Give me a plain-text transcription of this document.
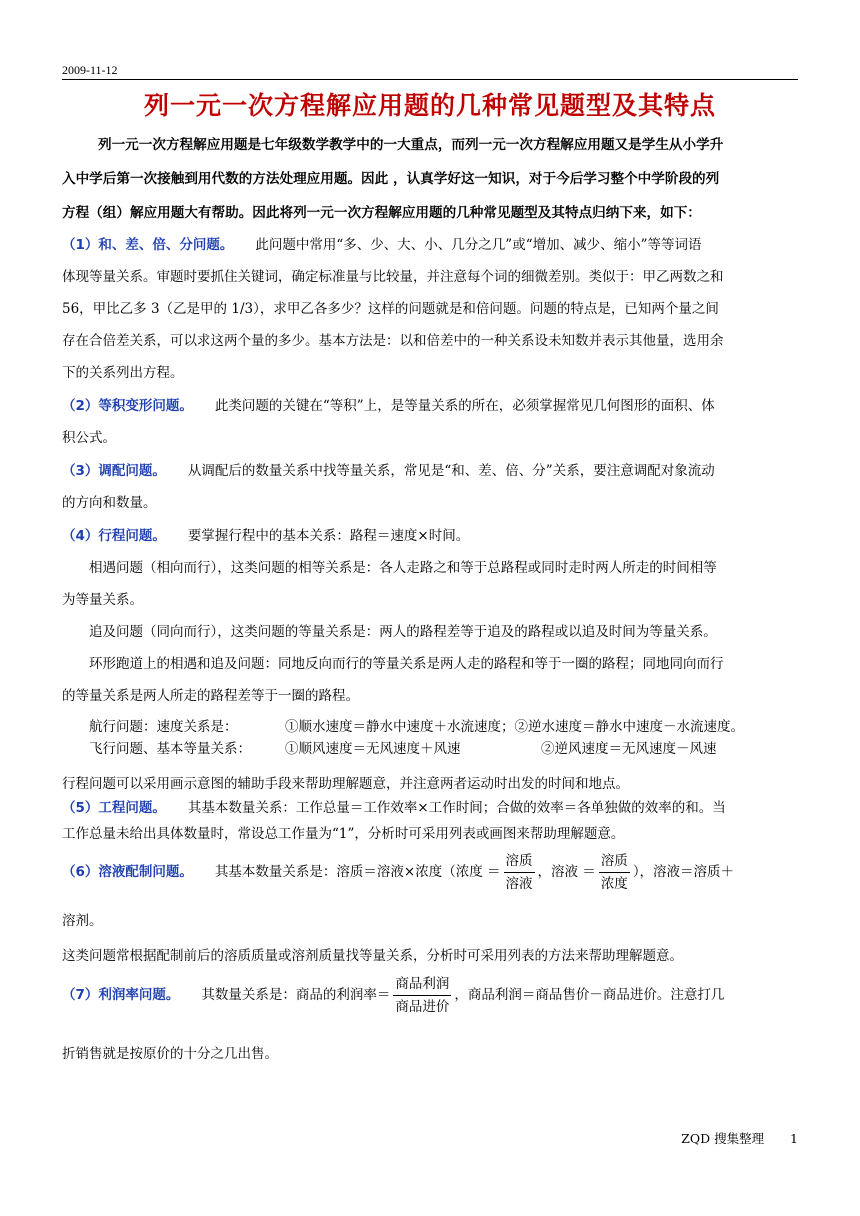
2009-11-12
列一元一次方程解应用题的几种常见题型及其特点
列一元一次方程解应用题是七年级数学教学中的一大重点，而列一元一次方程解应用题又是学生从小学升
入中学后第一次接触到用代数的方法处理应用题。因此 ，认真学好这一知识，对于今后学习整个中学阶段的列
方程（组）解应用题大有帮助。因此将列一元一次方程解应用题的几种常见题型及其特点归纳下来，如下：
（1）和、差、倍、分问题。 此问题中常用“多、少、大、小、几分之几”或“增加、减少、缩小”等等词语
体现等量关系。审题时要抓住关键词，确定标准量与比较量，并注意每个词的细微差别。类似于：甲乙两数之和
56，甲比乙多 3（乙是甲的 1/3），求甲乙各多少？这样的问题就是和倍问题。问题的特点是，已知两个量之间
存在合倍差关系，可以求这两个量的多少。基本方法是：以和倍差中的一种关系设未知数并表示其他量，选用余
下的关系列出方程。
（2）等积变形问题。 此类问题的关键在“等积”上，是等量关系的所在，必须掌握常见几何图形的面积、体
积公式。
（3）调配问题。 从调配后的数量关系中找等量关系，常见是“和、差、倍、分”关系，要注意调配对象流动
的方向和数量。
（4）行程问题。 要掌握行程中的基本关系：路程＝速度×时间。
相遇问题（相向而行），这类问题的相等关系是：各人走路之和等于总路程或同时走时两人所走的时间相等
为等量关系。
追及问题（同向而行），这类问题的等量关系是：两人的路程差等于追及的路程或以追及时间为等量关系。
环形跑道上的相遇和追及问题：同地反向而行的等量关系是两人走的路程和等于一圈的路程；同地同向而行
的等量关系是两人所走的路程差等于一圈的路程。
航行问题：速度关系是：	①顺水速度＝静水中速度＋水流速度；②逆水速度＝静水中速度－水流速度。
飞行问题、基本等量关系：	①顺风速度＝无风速度＋风速	②逆风速度＝无风速度－风速
行程问题可以采用画示意图的辅助手段来帮助理解题意，并注意两者运动时出发的时间和地点。
（5）工程问题。 其基本数量关系：工作总量＝工作效率×工作时间；合做的效率＝各单独做的效率的和。当
工作总量未给出具体数量时，常设总工作量为“1”，分析时可采用列表或画图来帮助理解题意。
（6）溶液配制问题。 其基本数量关系是：溶质＝溶液×浓度（浓度 ＝ $\frac{\text{溶质}}{\text{溶液}}$ ，溶液 ＝ $\frac{\text{溶质}}{\text{浓度}}$ ），溶液＝溶质＋
溶剂。
这类问题常根据配制前后的溶质质量或溶剂质量找等量关系，分析时可采用列表的方法来帮助理解题意。
（7）利润率问题。 其数量关系是：商品的利润率＝ $\frac{\text{商品利润}}{\text{商品进价}}$ ，商品利润＝商品售价－商品进价。注意打几
折销售就是按原价的十分之几出售。
ZQD 搜集整理 1
